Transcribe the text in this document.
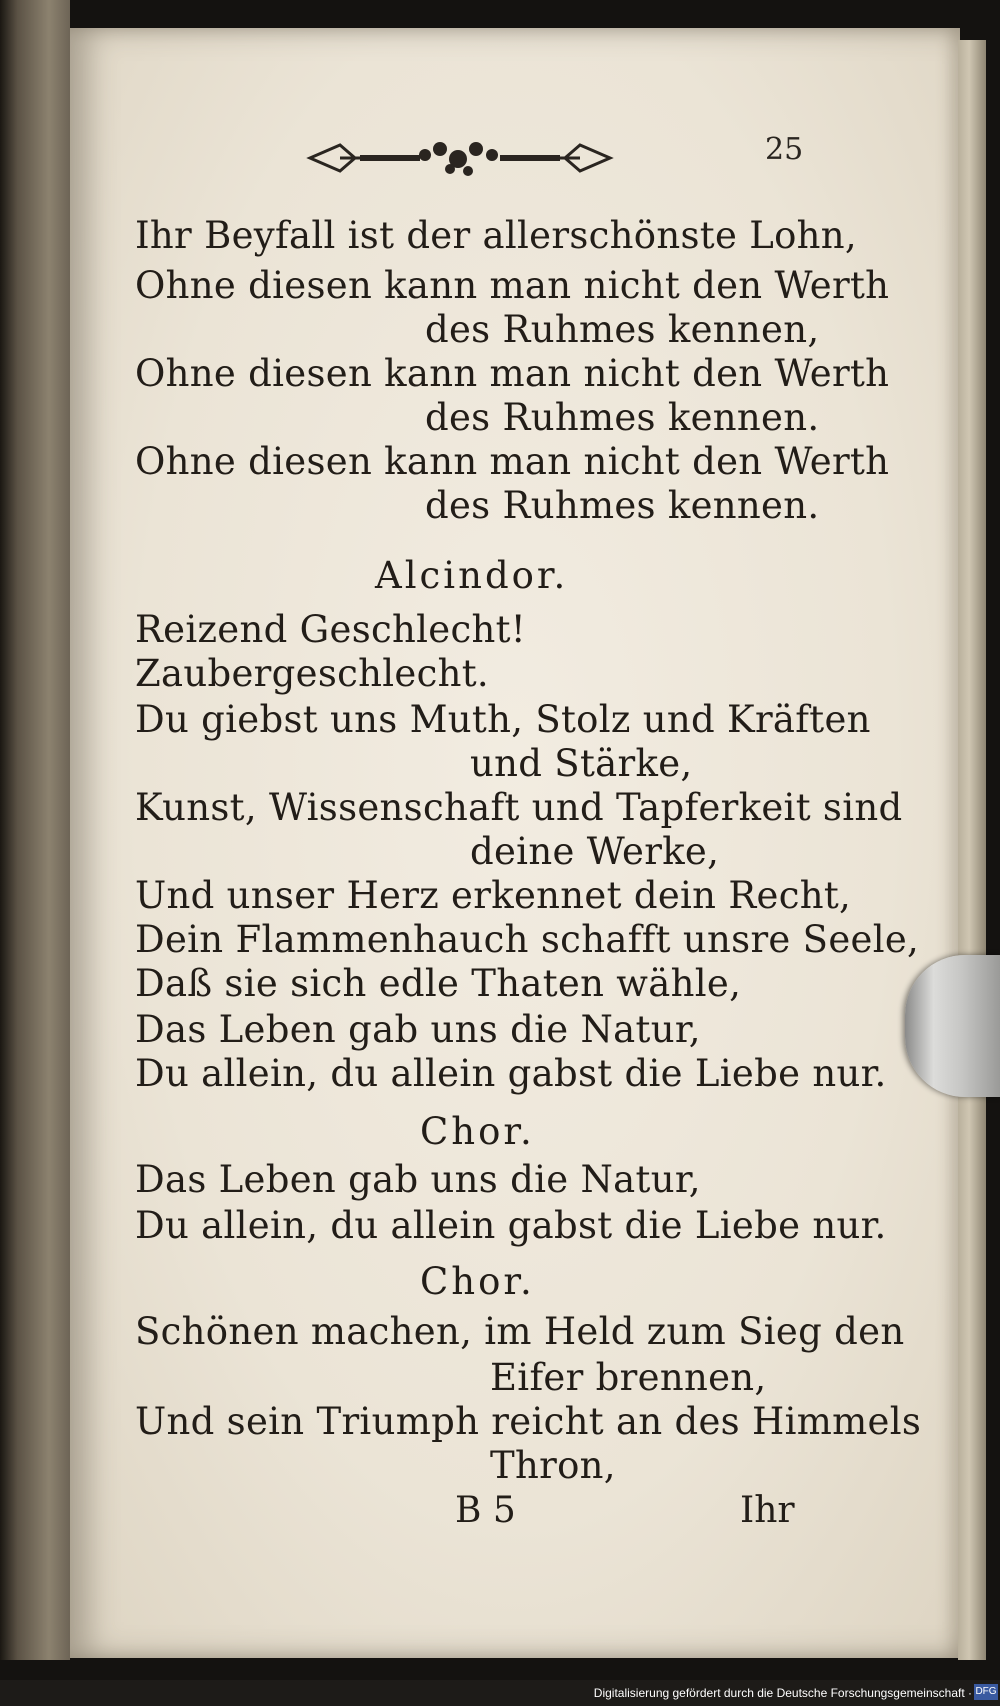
25
Ihr Beyfall ist der allerschönste Lohn,
Ohne diesen kann man nicht den Werth
des Ruhmes kennen,
Ohne diesen kann man nicht den Werth
des Ruhmes kennen.
Ohne diesen kann man nicht den Werth
des Ruhmes kennen.
Alcindor.
Reizend Geschlecht!
Zaubergeschlecht.
Du giebst uns Muth, Stolz und Kräften
und Stärke,
Kunst, Wissenschaft und Tapferkeit sind
deine Werke,
Und unser Herz erkennet dein Recht,
Dein Flammenhauch schafft unsre Seele,
Daß sie sich edle Thaten wähle,
Das Leben gab uns die Natur,
Du allein, du allein gabst die Liebe nur.
Chor.
Das Leben gab uns die Natur,
Du allein, du allein gabst die Liebe nur.
Chor.
Schönen machen, im Held zum Sieg den
Eifer brennen,
Und sein Triumph reicht an des Himmels
Thron,
B 5	Ihr
Digitalisierung gefördert durch die Deutsche Forschungsgemeinschaft · DFG
